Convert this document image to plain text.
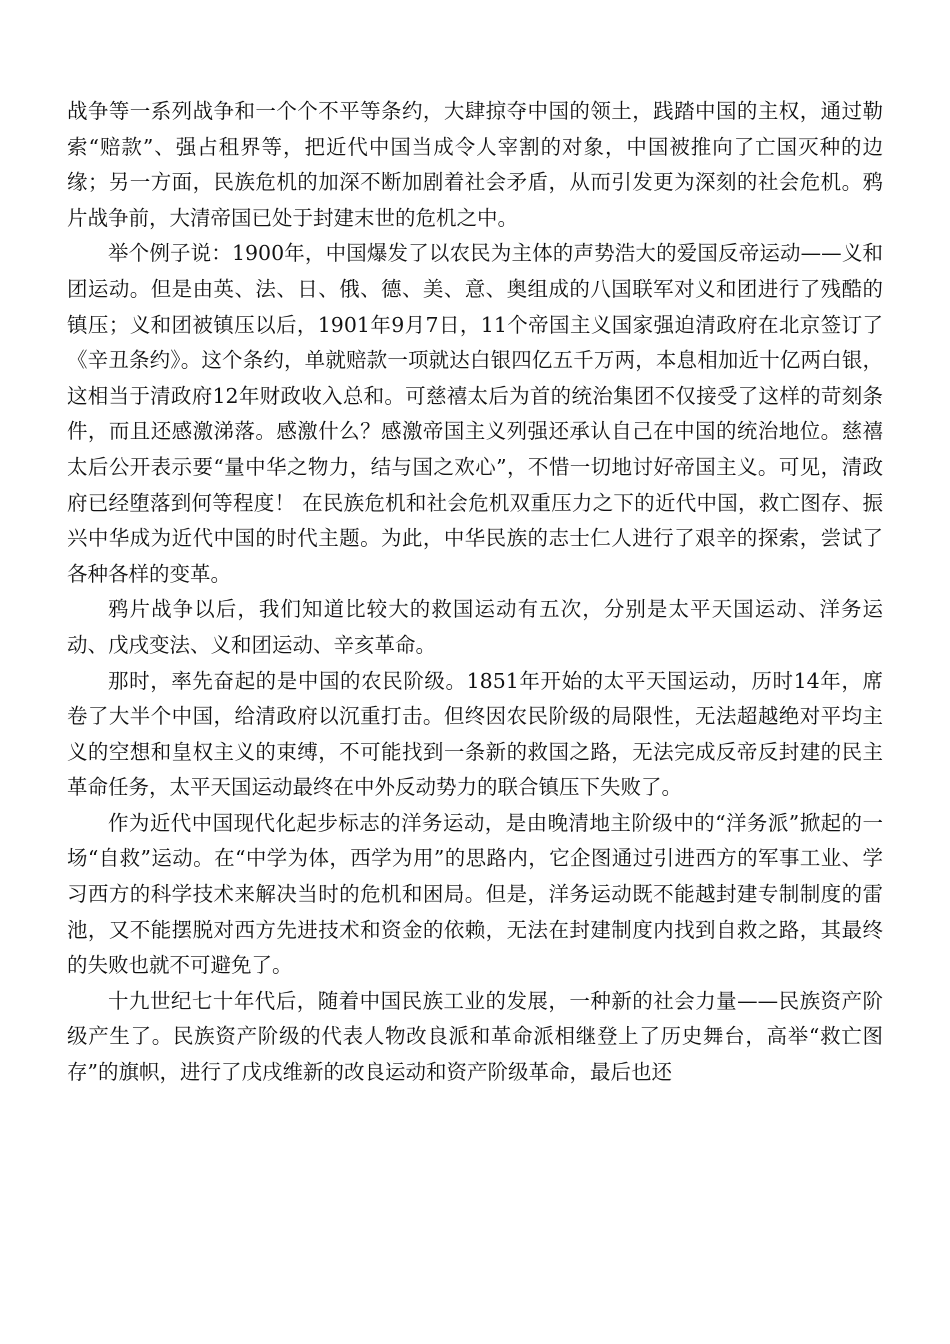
战争等一系列战争和一个个不平等条约，大肆掠夺中国的领土，践踏中国的主权，通过勒索“赔款”、强占租界等，把近代中国当成令人宰割的对象，中国被推向了亡国灭种的边缘；另一方面，民族危机的加深不断加剧着社会矛盾，从而引发更为深刻的社会危机。鸦片战争前，大清帝国已处于封建末世的危机之中。

举个例子说：1900年，中国爆发了以农民为主体的声势浩大的爱国反帝运动——义和团运动。但是由英、法、日、俄、德、美、意、奥组成的八国联军对义和团进行了残酷的镇压；义和团被镇压以后，1901年9月7日，11个帝国主义国家强迫清政府在北京签订了《辛丑条约》。这个条约，单就赔款一项就达白银四亿五千万两，本息相加近十亿两白银，这相当于清政府12年财政收入总和。可慈禧太后为首的统治集团不仅接受了这样的苛刻条件，而且还感激涕落。感激什么？感激帝国主义列强还承认自己在中国的统治地位。慈禧太后公开表示要“量中华之物力，结与国之欢心”，不惜一切地讨好帝国主义。可见，清政府已经堕落到何等程度！ 在民族危机和社会危机双重压力之下的近代中国，救亡图存、振兴中华成为近代中国的时代主题。为此，中华民族的志士仁人进行了艰辛的探索，尝试了各种各样的变革。

鸦片战争以后，我们知道比较大的救国运动有五次，分别是太平天国运动、洋务运动、戊戌变法、义和团运动、辛亥革命。

那时，率先奋起的是中国的农民阶级。1851年开始的太平天国运动，历时14年，席卷了大半个中国，给清政府以沉重打击。但终因农民阶级的局限性，无法超越绝对平均主义的空想和皇权主义的束缚，不可能找到一条新的救国之路，无法完成反帝反封建的民主革命任务，太平天国运动最终在中外反动势力的联合镇压下失败了。

作为近代中国现代化起步标志的洋务运动，是由晚清地主阶级中的“洋务派”掀起的一场“自救”运动。在“中学为体，西学为用”的思路内，它企图通过引进西方的军事工业、学习西方的科学技术来解决当时的危机和困局。但是，洋务运动既不能越封建专制制度的雷池，又不能摆脱对西方先进技术和资金的依赖，无法在封建制度内找到自救之路，其最终的失败也就不可避免了。

十九世纪七十年代后，随着中国民族工业的发展，一种新的社会力量——民族资产阶级产生了。民族资产阶级的代表人物改良派和革命派相继登上了历史舞台，高举“救亡图存”的旗帜，进行了戊戌维新的改良运动和资产阶级革命，最后也还
